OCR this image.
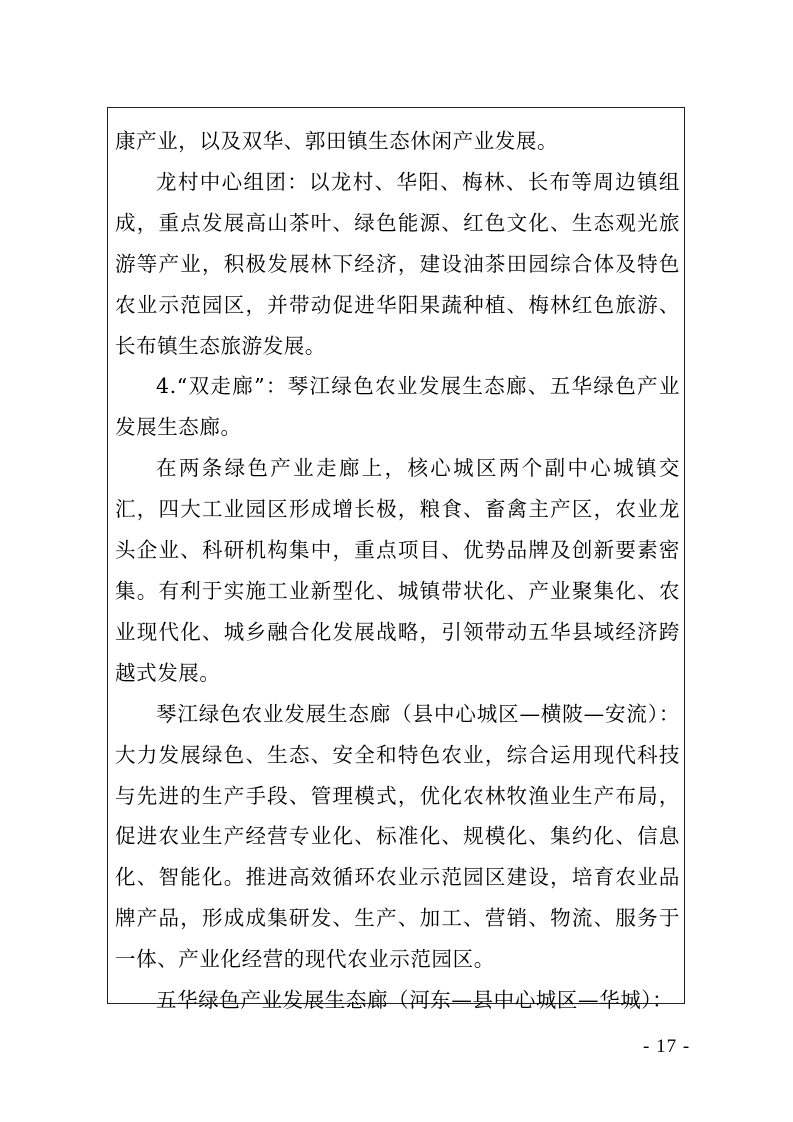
康产业，以及双华、郭田镇生态休闲产业发展。

龙村中心组团：以龙村、华阳、梅林、长布等周边镇组成，重点发展高山茶叶、绿色能源、红色文化、生态观光旅游等产业，积极发展林下经济，建设油茶田园综合体及特色农业示范园区，并带动促进华阳果蔬种植、梅林红色旅游、长布镇生态旅游发展。

4.“双走廊”：琴江绿色农业发展生态廊、五华绿色产业发展生态廊。

在两条绿色产业走廊上，核心城区两个副中心城镇交汇，四大工业园区形成增长极，粮食、畜禽主产区，农业龙头企业、科研机构集中，重点项目、优势品牌及创新要素密集。有利于实施工业新型化、城镇带状化、产业聚集化、农业现代化、城乡融合化发展战略，引领带动五华县域经济跨越式发展。

琴江绿色农业发展生态廊（县中心城区—横陂—安流）：大力发展绿色、生态、安全和特色农业，综合运用现代科技与先进的生产手段、管理模式，优化农林牧渔业生产布局，促进农业生产经营专业化、标准化、规模化、集约化、信息化、智能化。推进高效循环农业示范园区建设，培育农业品牌产品，形成成集研发、生产、加工、营销、物流、服务于一体、产业化经营的现代农业示范园区。

五华绿色产业发展生态廊（河东—县中心城区—华城）：

- 17 -
